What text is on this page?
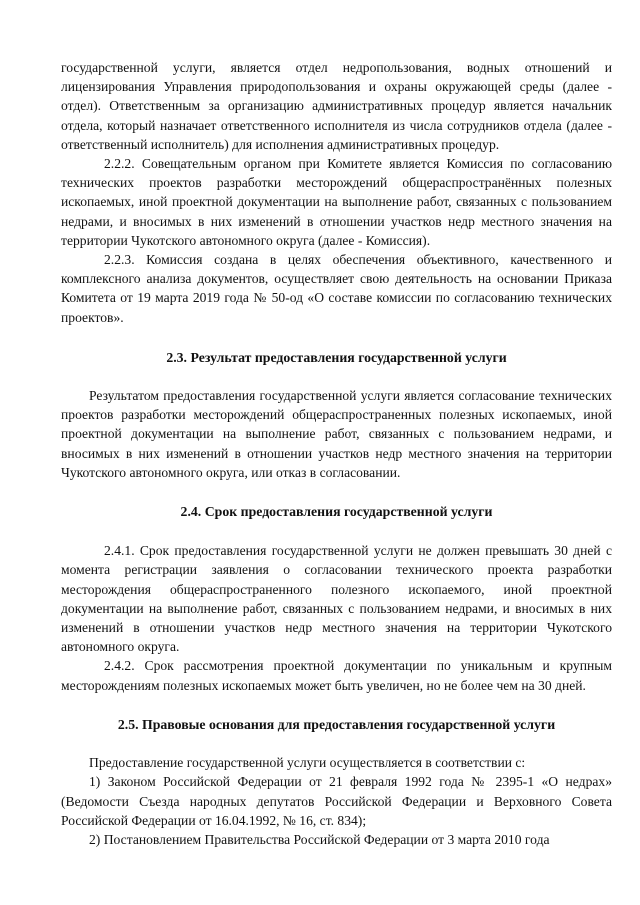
государственной услуги, является отдел недропользования, водных отношений и лицензирования Управления природопользования и охраны окружающей среды (далее - отдел). Ответственным за организацию административных процедур является начальник отдела, который назначает ответственного исполнителя из числа сотрудников отдела (далее - ответственный исполнитель) для исполнения административных процедур.

2.2.2. Совещательным органом при Комитете является Комиссия по согласованию технических проектов разработки месторождений общераспространённых полезных ископаемых, иной проектной документации на выполнение работ, связанных с пользованием недрами, и вносимых в них изменений в отношении участков недр местного значения на территории Чукотского автономного округа (далее - Комиссия).

2.2.3. Комиссия создана в целях обеспечения объективного, качественного и комплексного анализа документов, осуществляет свою деятельность на основании Приказа Комитета от 19 марта 2019 года № 50-од «О составе комиссии по согласованию технических проектов».

2.3. Результат предоставления государственной услуги

Результатом предоставления государственной услуги является согласование технических проектов разработки месторождений общераспространенных полезных ископаемых, иной проектной документации на выполнение работ, связанных с пользованием недрами, и вносимых в них изменений в отношении участков недр местного значения на территории Чукотского автономного округа, или отказ в согласовании.

2.4. Срок предоставления государственной услуги

2.4.1. Срок предоставления государственной услуги не должен превышать 30 дней с момента регистрации заявления о согласовании технического проекта разработки месторождения общераспространенного полезного ископаемого, иной проектной документации на выполнение работ, связанных с пользованием недрами, и вносимых в них изменений в отношении участков недр местного значения на территории Чукотского автономного округа.

2.4.2. Срок рассмотрения проектной документации по уникальным и крупным месторождениям полезных ископаемых может быть увеличен, но не более чем на 30 дней.

2.5. Правовые основания для предоставления государственной услуги

Предоставление государственной услуги осуществляется в соответствии с:

1) Законом Российской Федерации от 21 февраля 1992 года № 2395-1 «О недрах» (Ведомости Съезда народных депутатов Российской Федерации и Верховного Совета Российской Федерации от 16.04.1992, № 16, ст. 834);

2) Постановлением Правительства Российской Федерации от 3 марта 2010 года
